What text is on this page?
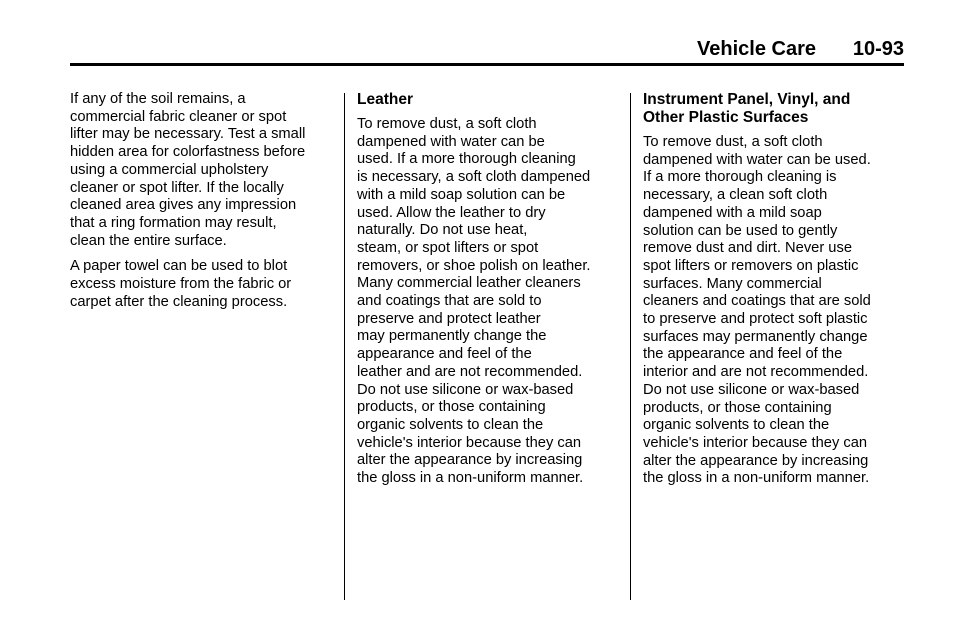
Vehicle Care 10-93

If any of the soil remains, a
commercial fabric cleaner or spot
lifter may be necessary. Test a small
hidden area for colorfastness before
using a commercial upholstery
cleaner or spot lifter. If the locally
cleaned area gives any impression
that a ring formation may result,
clean the entire surface.

A paper towel can be used to blot
excess moisture from the fabric or
carpet after the cleaning process.

Leather

To remove dust, a soft cloth
dampened with water can be
used. If a more thorough cleaning
is necessary, a soft cloth dampened
with a mild soap solution can be
used. Allow the leather to dry
naturally. Do not use heat,
steam, or spot lifters or spot
removers, or shoe polish on leather.
Many commercial leather cleaners
and coatings that are sold to
preserve and protect leather
may permanently change the
appearance and feel of the
leather and are not recommended.
Do not use silicone or wax-based
products, or those containing
organic solvents to clean the
vehicle's interior because they can
alter the appearance by increasing
the gloss in a non-uniform manner.

Instrument Panel, Vinyl, and
Other Plastic Surfaces

To remove dust, a soft cloth
dampened with water can be used.
If a more thorough cleaning is
necessary, a clean soft cloth
dampened with a mild soap
solution can be used to gently
remove dust and dirt. Never use
spot lifters or removers on plastic
surfaces. Many commercial
cleaners and coatings that are sold
to preserve and protect soft plastic
surfaces may permanently change
the appearance and feel of the
interior and are not recommended.
Do not use silicone or wax-based
products, or those containing
organic solvents to clean the
vehicle's interior because they can
alter the appearance by increasing
the gloss in a non-uniform manner.
